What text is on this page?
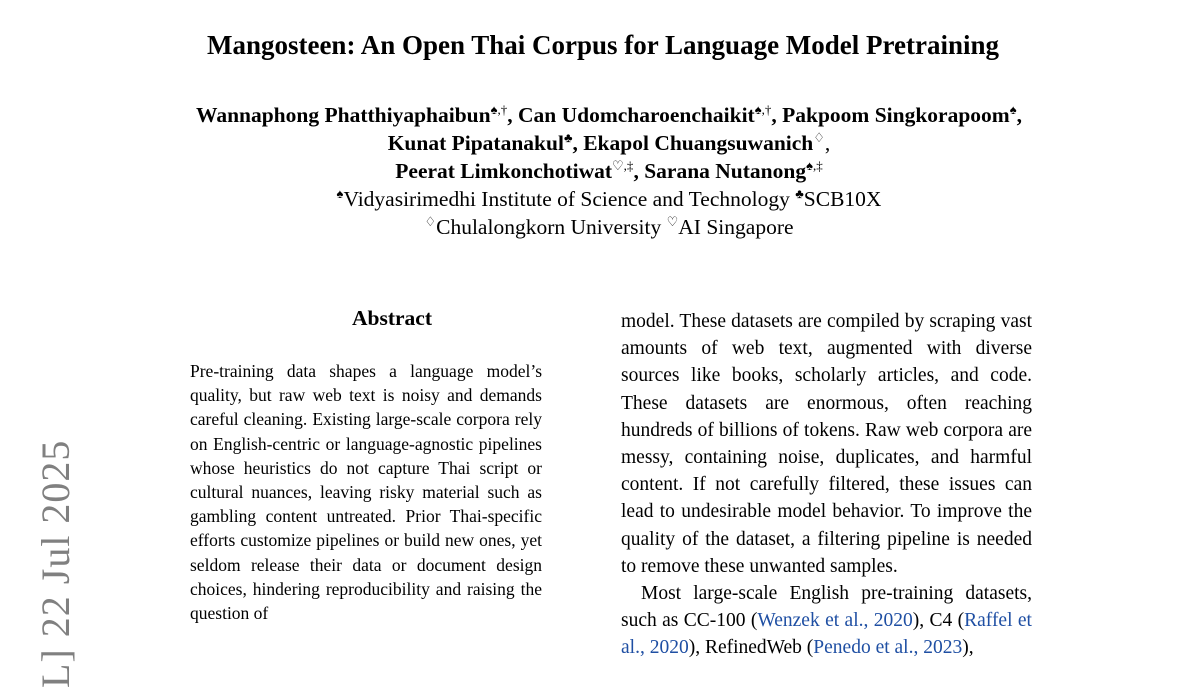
L] 22 Jul 2025
Mangosteen: An Open Thai Corpus for Language Model Pretraining
Wannaphong Phatthiyaphaibun♠,†, Can Udomcharoenchaikit♠,†, Pakpoom Singkorapoom♠,
Kunat Pipatanakul♣, Ekapol Chuangsuwanich♢,
Peerat Limkonchotiwat♡,‡, Sarana Nutanong♠,‡
♠Vidyasirimedhi Institute of Science and Technology ♣SCB10X
♢Chulalongkorn University ♡AI Singapore
Abstract
Pre-training data shapes a language model’s quality, but raw web text is noisy and demands careful cleaning. Existing large-scale corpora rely on English-centric or language-agnostic pipelines whose heuristics do not capture Thai script or cultural nuances, leaving risky material such as gambling content untreated. Prior Thai-specific efforts customize pipelines or build new ones, yet seldom release their data or document design choices, hindering reproducibility and raising the question of

model. These datasets are compiled by scraping vast amounts of web text, augmented with diverse sources like books, scholarly articles, and code. These datasets are enormous, often reaching hundreds of billions of tokens. Raw web corpora are messy, containing noise, duplicates, and harmful content. If not carefully filtered, these issues can lead to undesirable model behavior. To improve the quality of the dataset, a filtering pipeline is needed to remove these unwanted samples.

Most large-scale English pre-training datasets, such as CC-100 (Wenzek et al., 2020), C4 (Raffel et al., 2020), RefinedWeb (Penedo et al., 2023),
